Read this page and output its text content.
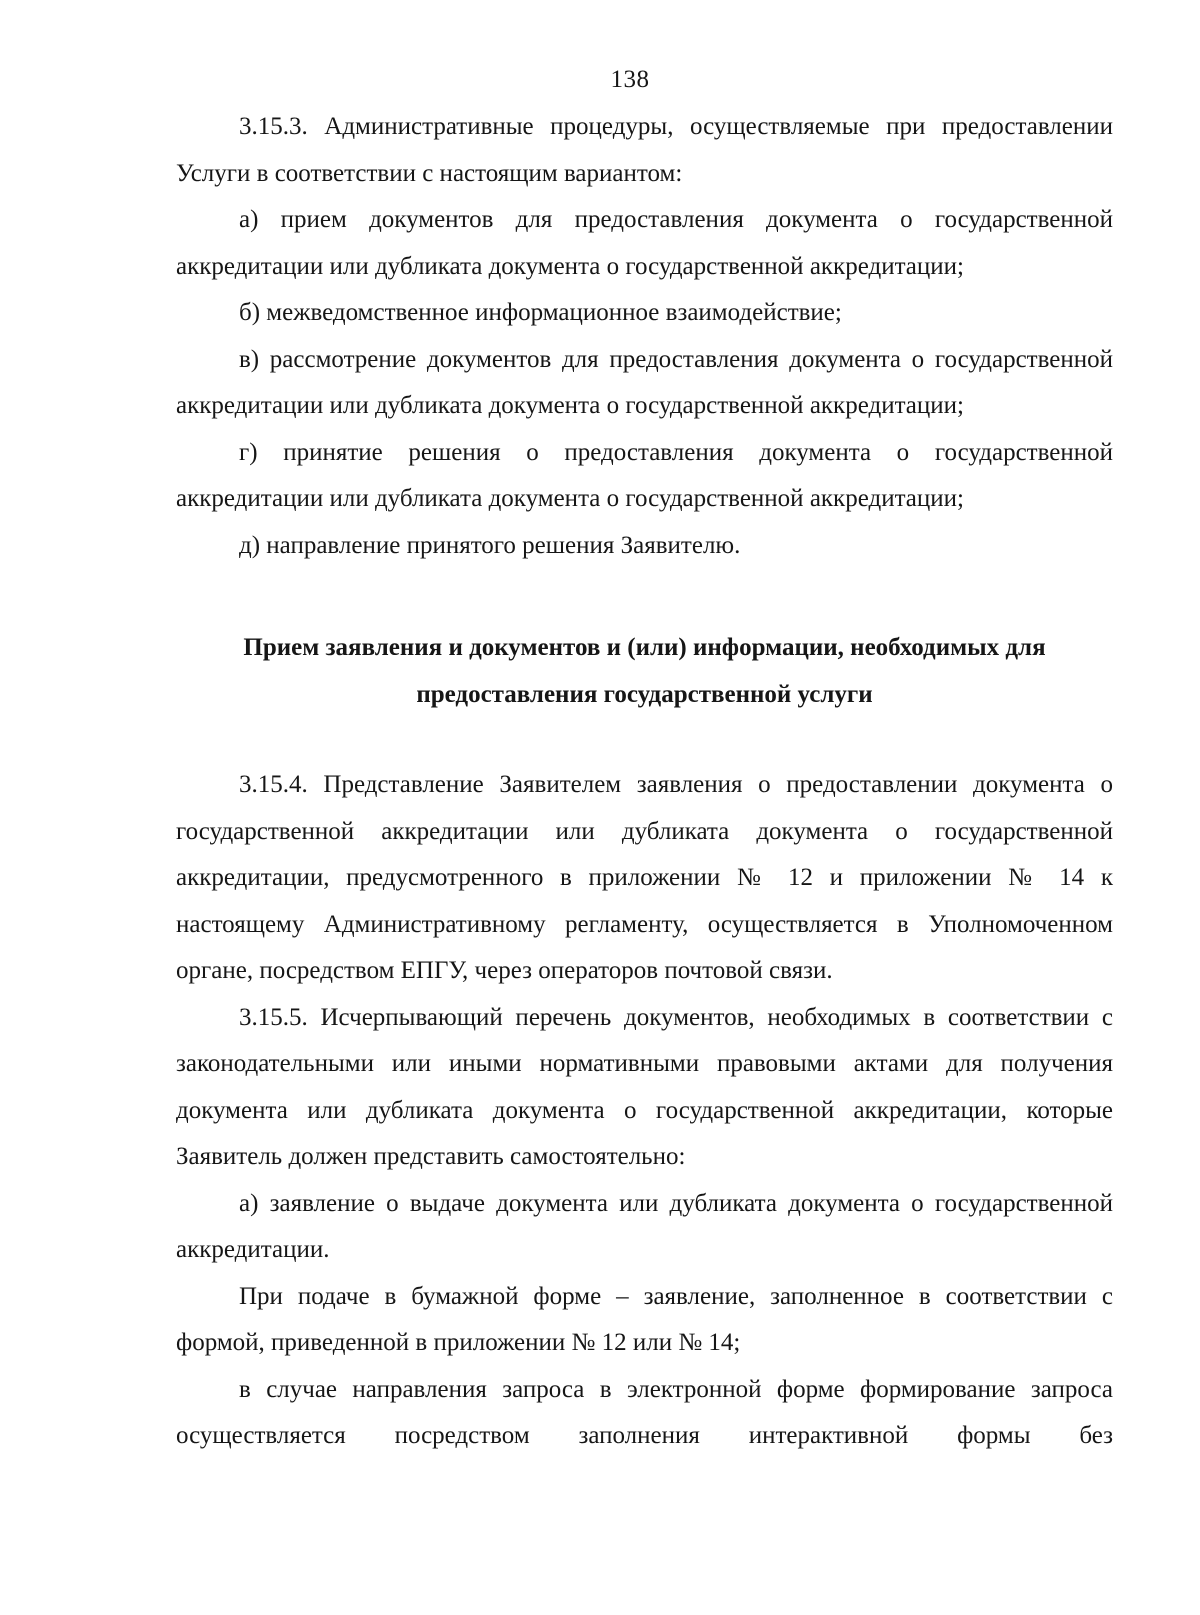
138

3.15.3. Административные процедуры, осуществляемые при предоставлении Услуги в соответствии с настоящим вариантом:

а) прием документов для предоставления документа о государственной аккредитации или дубликата документа о государственной аккредитации;

б) межведомственное информационное взаимодействие;

в) рассмотрение документов для предоставления документа о государственной аккредитации или дубликата документа о государственной аккредитации;

г) принятие решения о предоставления документа о государственной аккредитации или дубликата документа о государственной аккредитации;

д) направление принятого решения Заявителю.

Прием заявления и документов и (или) информации, необходимых для предоставления государственной услуги

3.15.4. Представление Заявителем заявления о предоставлении документа о государственной аккредитации или дубликата документа о государственной аккредитации, предусмотренного в приложении № 12 и приложении № 14 к настоящему Административному регламенту, осуществляется в Уполномоченном органе, посредством ЕПГУ, через операторов почтовой связи.

3.15.5. Исчерпывающий перечень документов, необходимых в соответствии с законодательными или иными нормативными правовыми актами для получения документа или дубликата документа о государственной аккредитации, которые Заявитель должен представить самостоятельно:

а) заявление о выдаче документа или дубликата документа о государственной аккредитации.

При подаче в бумажной форме – заявление, заполненное в соответствии с формой, приведенной в приложении № 12 или № 14;

в случае направления запроса в электронной форме формирование запроса

осуществляется посредством заполнения интерактивной формы без
